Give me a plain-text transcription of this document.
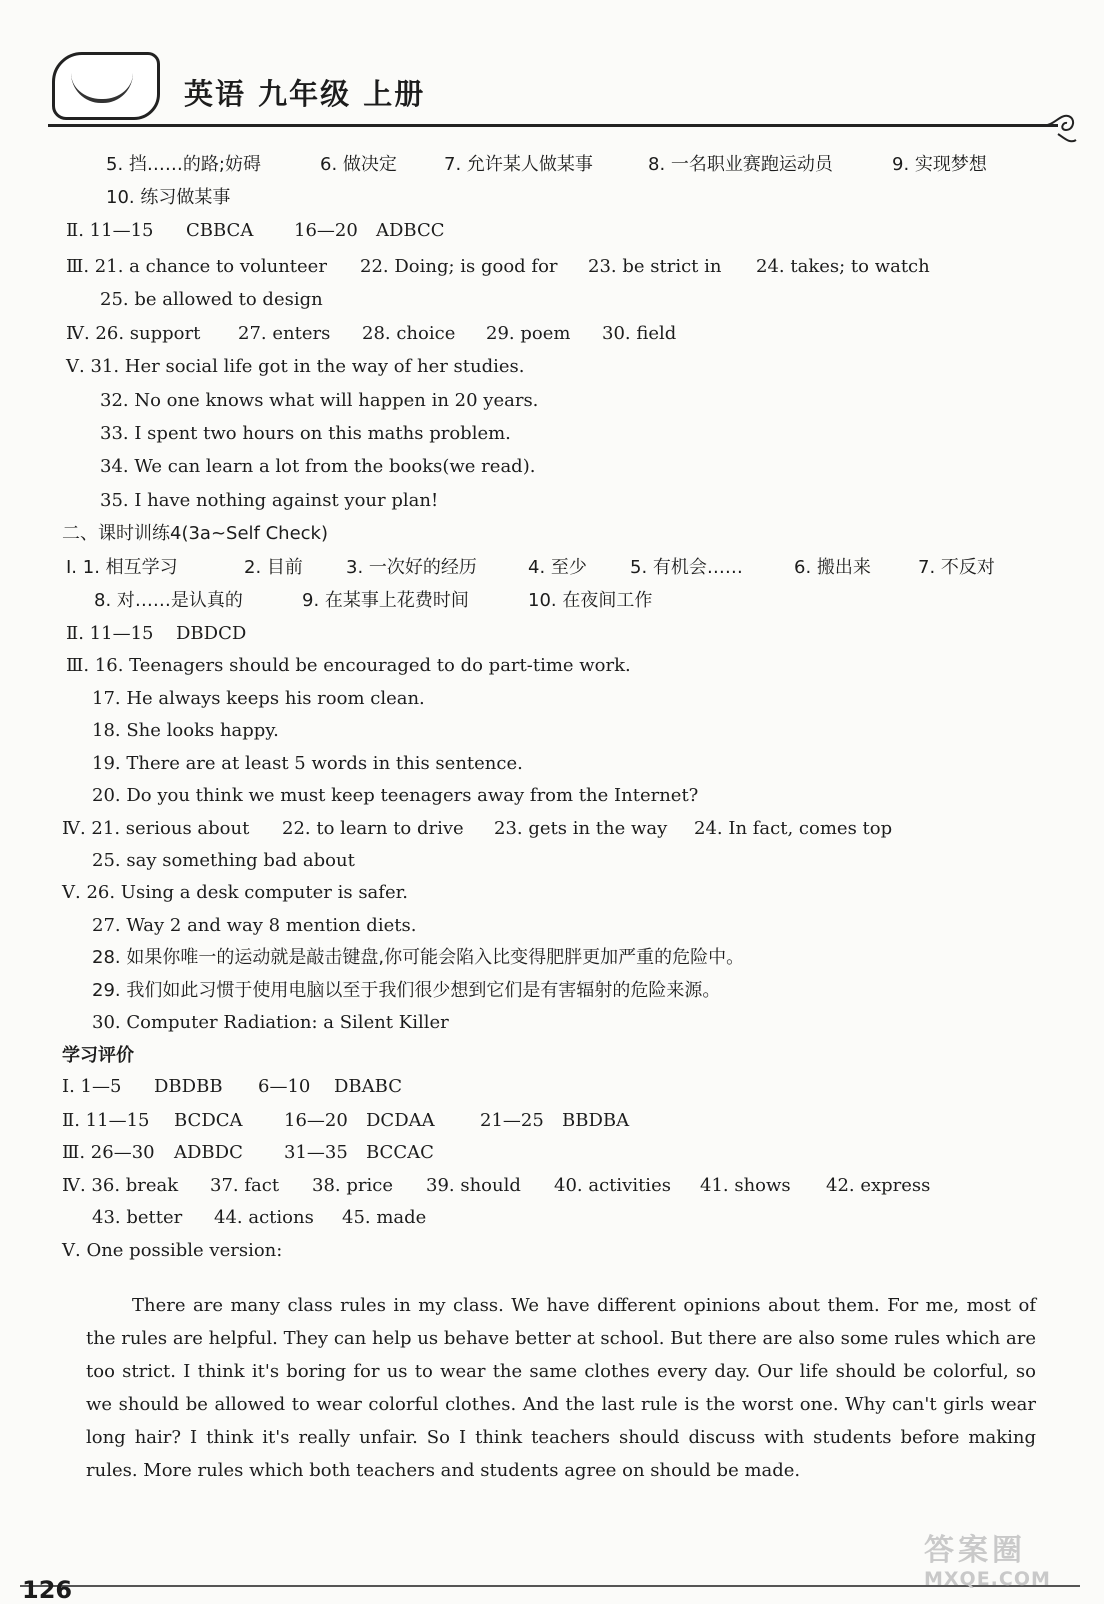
英语 九年级 上册
5. 挡……的路;妨碍	6. 做决定	7. 允许某人做某事	8. 一名职业赛跑运动员	9. 实现梦想
10. 练习做某事
Ⅱ. 11—15 CBBCA 16—20 ADBCC
Ⅲ. 21. a chance to volunteer 22. Doing; is good for 23. be strict in 24. takes; to watch
25. be allowed to design
Ⅳ. 26. support 27. enters 28. choice 29. poem 30. field
Ⅴ. 31. Her social life got in the way of her studies.
32. No one knows what will happen in 20 years.
33. I spent two hours on this maths problem.
34. We can learn a lot from the books(we read).
35. I have nothing against your plan!
二、课时训练4(3a~Self Check)
Ⅰ. 1. 相互学习	2. 目前 3. 一次好的经历	4. 至少 5. 有机会……	6. 搬出来	7. 不反对
8. 对……是认真的	9. 在某事上花费时间	10. 在夜间工作
Ⅱ. 11—15 DBDCD
Ⅲ. 16. Teenagers should be encouraged to do part-time work.
17. He always keeps his room clean.
18. She looks happy.
19. There are at least 5 words in this sentence.
20. Do you think we must keep teenagers away from the Internet?
Ⅳ. 21. serious about 22. to learn to drive 23. gets in the way 24. In fact, comes top
25. say something bad about
Ⅴ. 26. Using a desk computer is safer.
27. Way 2 and way 8 mention diets.
28. 如果你唯一的运动就是敲击键盘,你可能会陷入比变得肥胖更加严重的危险中。
29. 我们如此习惯于使用电脑以至于我们很少想到它们是有害辐射的危险来源。
30. Computer Radiation: a Silent Killer
学习评价
Ⅰ. 1—5 DBDBB 6—10 DBABC
Ⅱ. 11—15 BCDCA 16—20 DCDAA	21—25 BBDBA
Ⅲ. 26—30 ADBDC 31—35 BCCAC
Ⅳ. 36. break 37. fact 38. price 39. should 40. activities 41. shows 42. express
43. better 44. actions 45. made
Ⅴ. One possible version:
There are many class rules in my class. We have different opinions about them. For me, most of the rules are helpful. They can help us behave better at school. But there are also some rules which are too strict. I think it's boring for us to wear the same clothes every day. Our life should be colorful, so we should be allowed to wear colorful clothes. And the last rule is the worst one. Why can't girls wear long hair? I think it's really unfair. So I think teachers should discuss with students before making rules. More rules which both teachers and students agree on should be made.
126
答案圈
MXQE.COM
